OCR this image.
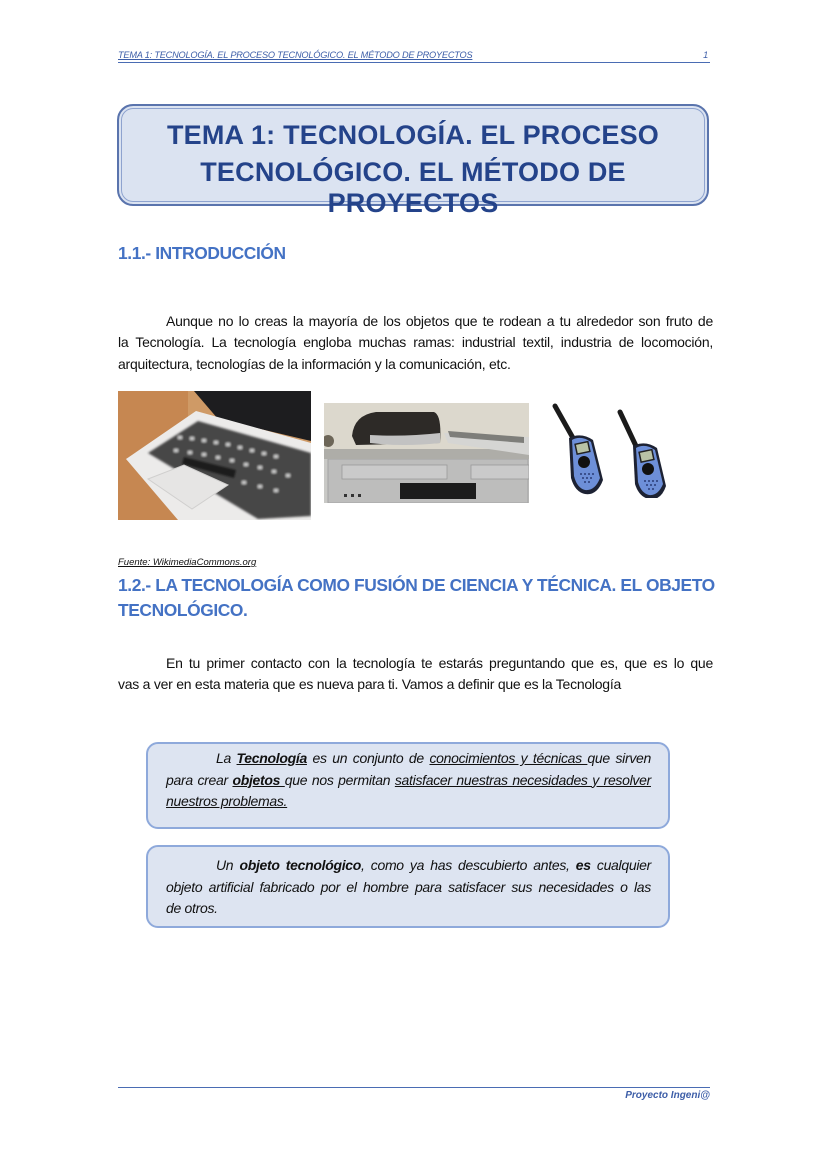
TEMA 1: TECNOLOGÍA. EL PROCESO TECNOLÓGICO. EL MÉTODO DE PROYECTOS	1
TEMA 1: TECNOLOGÍA. EL PROCESO
TECNOLÓGICO. EL MÉTODO DE PROYECTOS
1.1.- INTRODUCCIÓN
Aunque no lo creas la mayoría de los objetos que te rodean a tu alrededor son fruto de
la Tecnología. La tecnología engloba muchas ramas: industrial textil, industria de locomoción,
arquitectura, tecnologías de la información y la comunicación, etc.
Fuente: WikimediaCommons.org
1.2.- LA TECNOLOGÍA COMO FUSIÓN DE CIENCIA Y TÉCNICA. EL OBJETO
TECNOLÓGICO.
En tu primer contacto con la tecnología te estarás preguntando que es, que es lo que
vas a ver en esta materia que es nueva para ti. Vamos a definir que es la Tecnología
La Tecnología es un conjunto de conocimientos y técnicas que sirven
para crear objetos que nos permitan satisfacer nuestras necesidades y resolver
nuestros problemas.
Un objeto tecnológico, como ya has descubierto antes, es cualquier
objeto artificial fabricado por el hombre para satisfacer sus necesidades o las
de otros.
Proyecto Ingeni@
